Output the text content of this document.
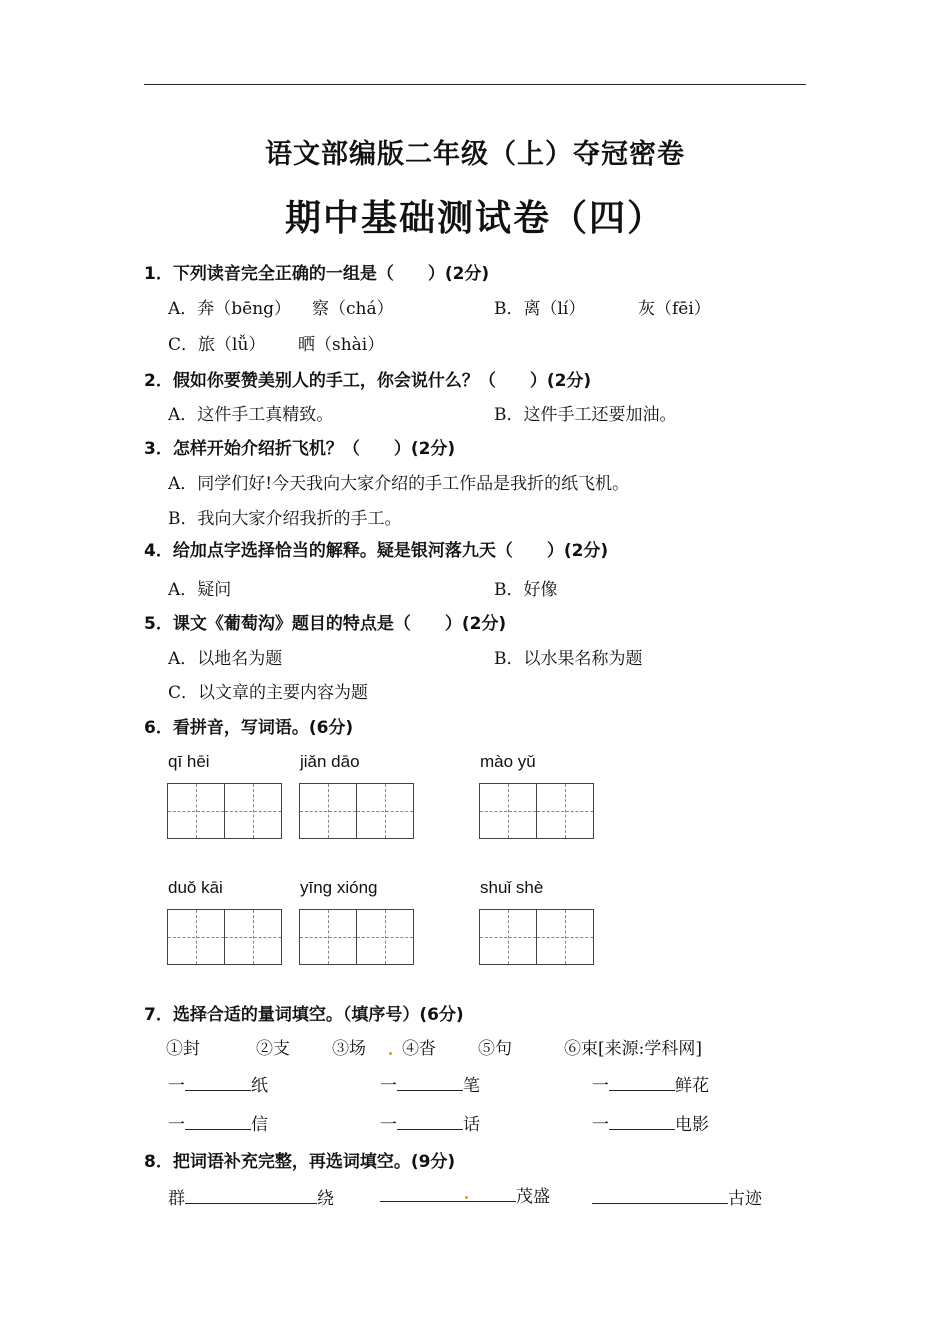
语文部编版二年级（上）夺冠密卷
期中基础测试卷（四）
1．下列读音完全正确的一组是（　　）(2分)
A．奔（bēng） 察（chá）	B．离（lí）	灰（fēi）
C．旅（lǚ） 晒（shài）
2．假如你要赞美别人的手工，你会说什么？（　　）(2分)
A．这件手工真精致。	B．这件手工还要加油。
3．怎样开始介绍折飞机？（　　）(2分)
A．同学们好!今天我向大家介绍的手工作品是我折的纸飞机。
B．我向大家介绍我折的手工。
4．给加点字选择恰当的解释。疑是银河落九天（　　）(2分)
A．疑问	B．好像
5．课文《葡萄沟》题目的特点是（　　）(2分)
A．以地名为题	B．以水果名称为题
C．以文章的主要内容为题
6．看拼音，写词语。(6分)
qī hēi	jiǎn dāo	mào yǔ
duǒ kāi	yīng xióng	shuǐ shè
7．选择合适的量词填空。（填序号）(6分)
①封	②支 ③场 ④沓 ⑤句	⑥束[来源:学科网]
一	纸	一	笔	一	鲜花
一	信	一	话	一	电影
8．把词语补充完整，再选词填空。(9分)
群	绕	茂盛	古迹
